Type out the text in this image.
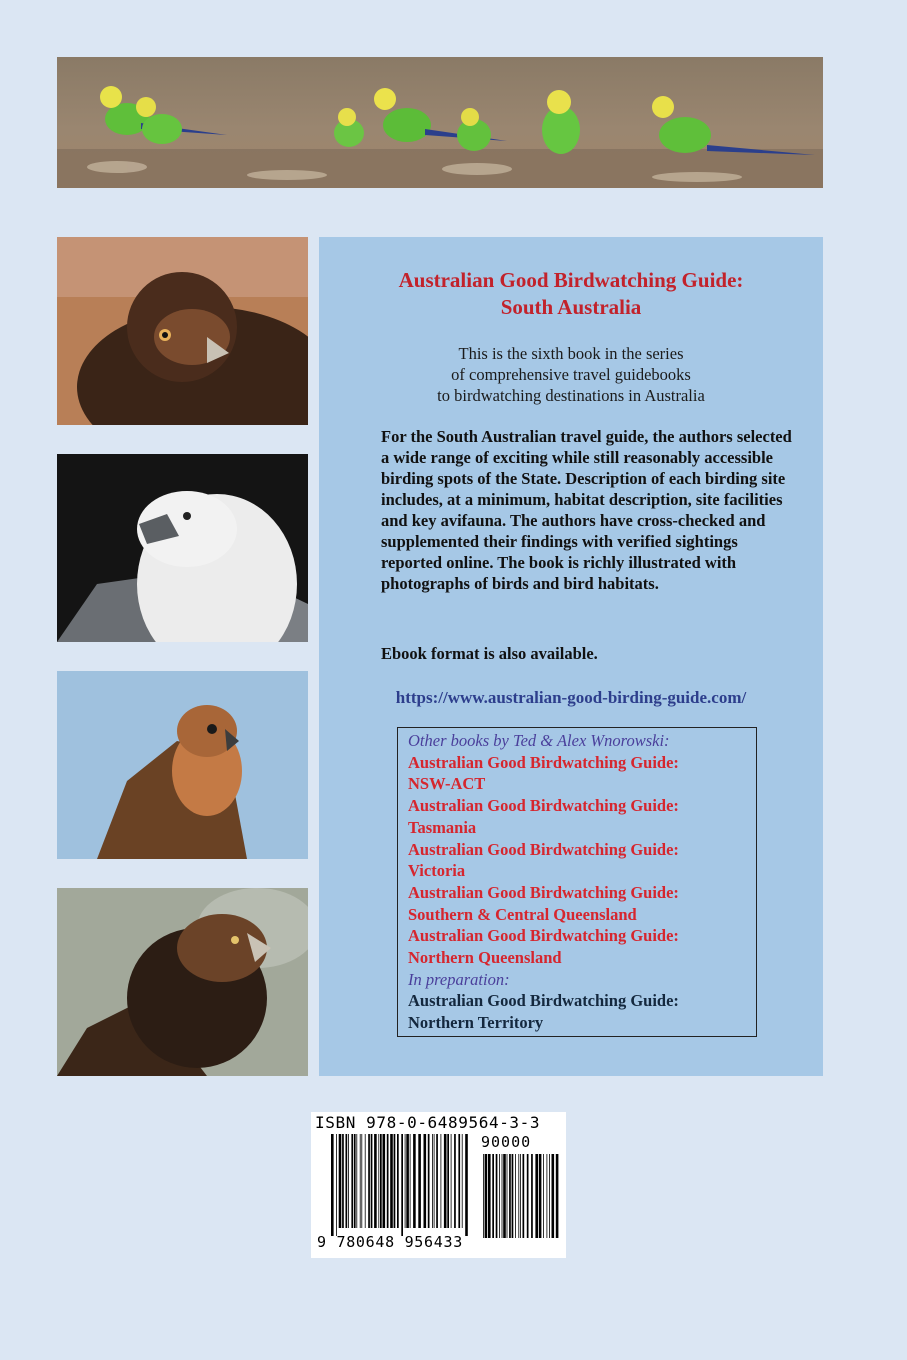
Australian Good Birdwatching Guide:
South Australia
This is the sixth book in the series
of comprehensive travel guidebooks
to birdwatching destinations in Australia
For the South Australian travel guide, the authors selected a wide range of exciting while still reasonably accessible birding spots of the State. Description of each birding site includes, at a minimum, habitat description, site facilities and key avifauna. The authors have cross-checked and supplemented their findings with verified sightings reported online. The book is richly illustrated with photographs of birds and bird habitats.
Ebook format is also available.
https://www.australian-good-birding-guide.com/
Other books by Ted & Alex Wnorowski:
Australian Good Birdwatching Guide:
NSW-ACT
Australian Good Birdwatching Guide:
Tasmania
Australian Good Birdwatching Guide:
Victoria
Australian Good Birdwatching Guide:
Southern & Central Queensland
Australian Good Birdwatching Guide:
Northern Queensland
In preparation:
Australian Good Birdwatching Guide:
Northern Territory
ISBN 978-0-6489564-3-3
90000
9 780648 956433
